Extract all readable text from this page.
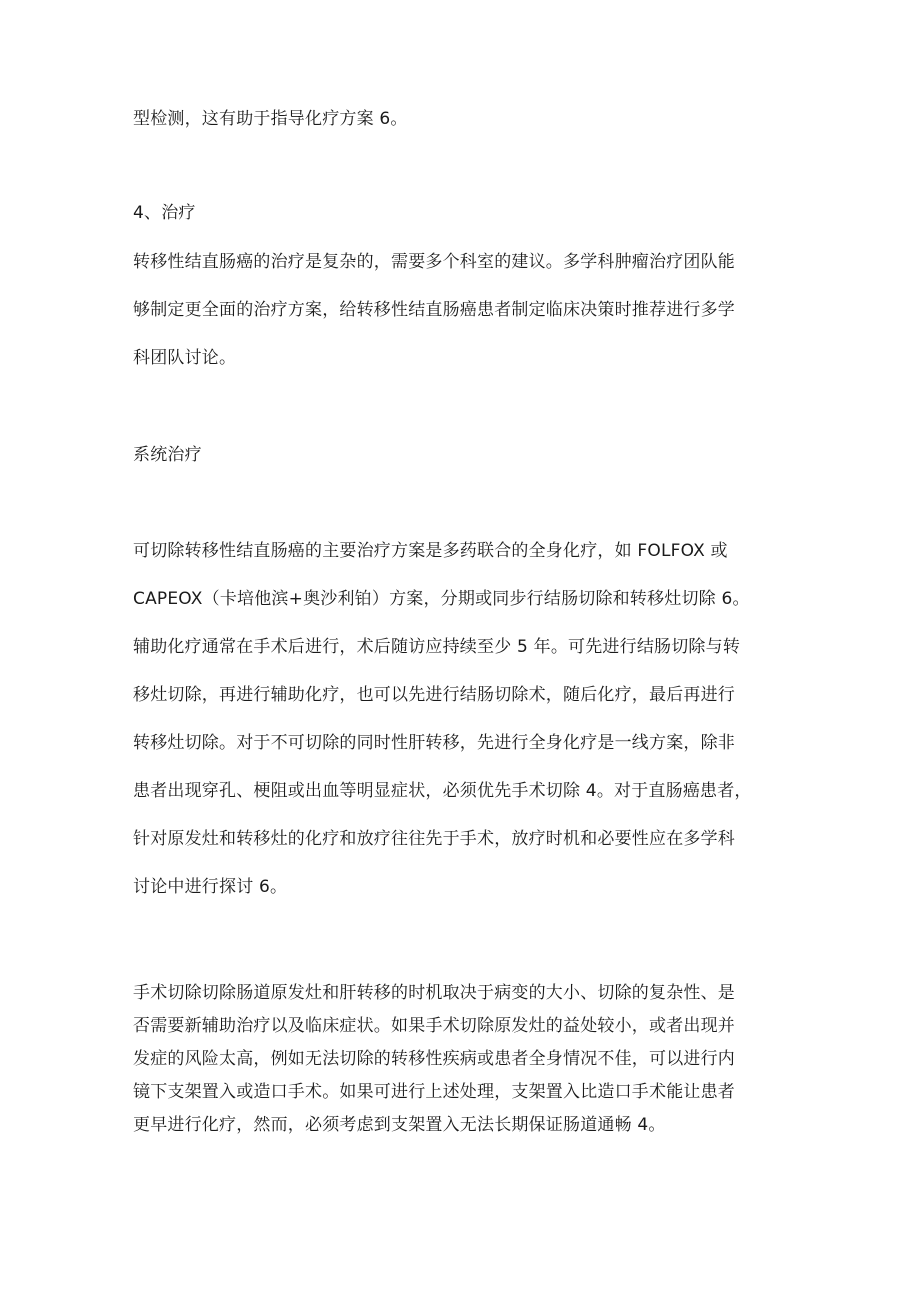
型检测，这有助于指导化疗方案 6。

4、治疗

转移性结直肠癌的治疗是复杂的，需要多个科室的建议。多学科肿瘤治疗团队能
够制定更全面的治疗方案，给转移性结直肠癌患者制定临床决策时推荐进行多学
科团队讨论。

系统治疗

可切除转移性结直肠癌的主要治疗方案是多药联合的全身化疗，如 FOLFOX 或
CAPEOX（卡培他滨+奥沙利铂）方案，分期或同步行结肠切除和转移灶切除 6。
辅助化疗通常在手术后进行，术后随访应持续至少 5 年。可先进行结肠切除与转
移灶切除，再进行辅助化疗，也可以先进行结肠切除术，随后化疗，最后再进行
转移灶切除。对于不可切除的同时性肝转移，先进行全身化疗是一线方案，除非
患者出现穿孔、梗阻或出血等明显症状，必须优先手术切除 4。对于直肠癌患者，
针对原发灶和转移灶的化疗和放疗往往先于手术，放疗时机和必要性应在多学科
讨论中进行探讨 6。

手术切除切除肠道原发灶和肝转移的时机取决于病变的大小、切除的复杂性、是
否需要新辅助治疗以及临床症状。如果手术切除原发灶的益处较小，或者出现并
发症的风险太高，例如无法切除的转移性疾病或患者全身情况不佳，可以进行内
镜下支架置入或造口手术。如果可进行上述处理，支架置入比造口手术能让患者
更早进行化疗，然而，必须考虑到支架置入无法长期保证肠道通畅 4。
